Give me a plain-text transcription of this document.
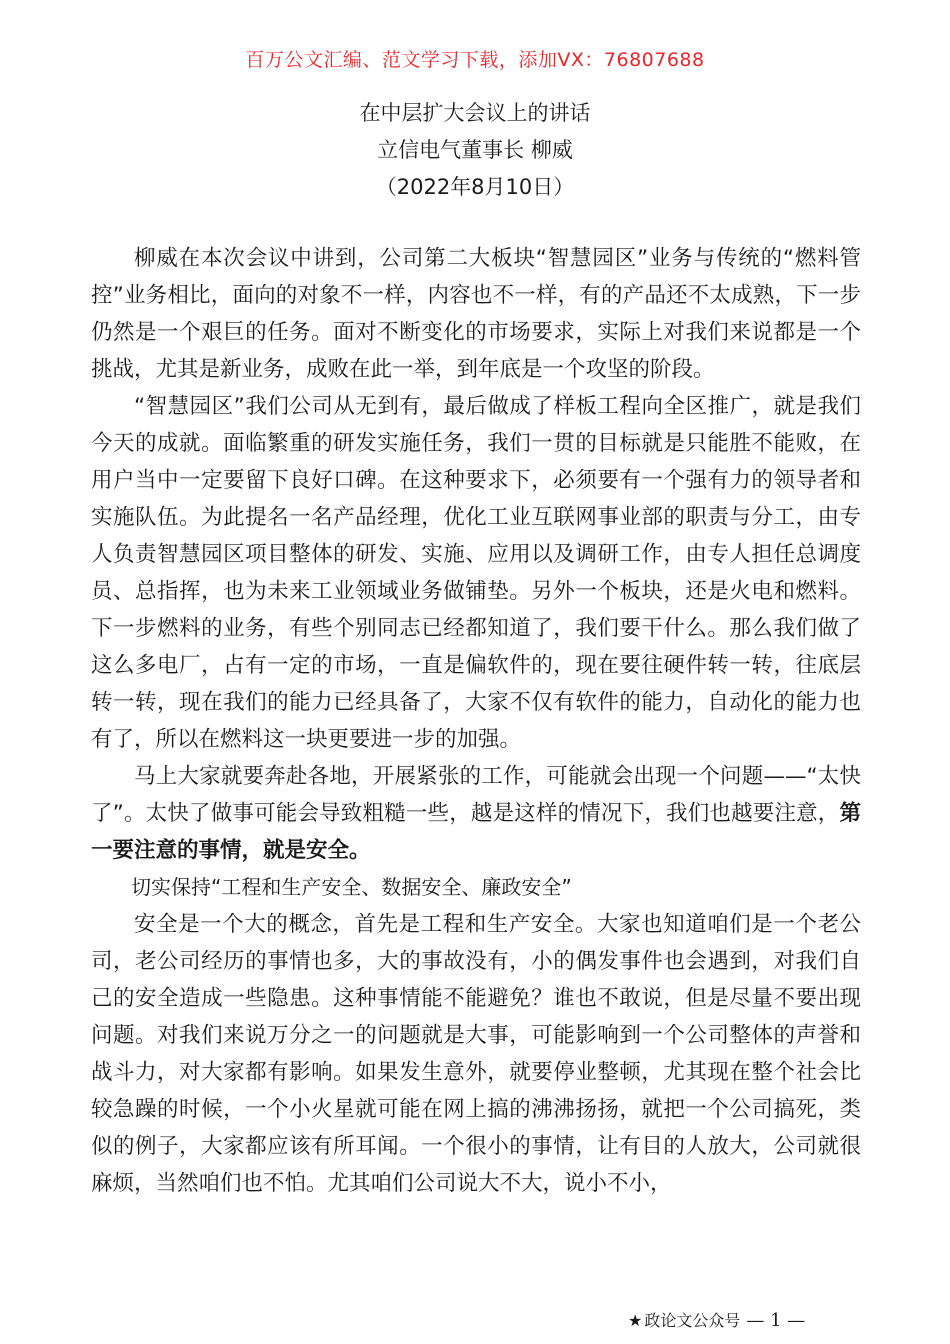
百万公文汇编、范文学习下载，添加VX：76807688
在中层扩大会议上的讲话
立信电气董事长 柳威
（2022年8月10日）

柳威在本次会议中讲到，公司第二大板块“智慧园区”业务与传统的“燃料管控”业务相比，面向的对象不一样，内容也不一样，有的产品还不太成熟，下一步仍然是一个艰巨的任务。面对不断变化的市场要求，实际上对我们来说都是一个挑战，尤其是新业务，成败在此一举，到年底是一个攻坚的阶段。

“智慧园区”我们公司从无到有，最后做成了样板工程向全区推广，就是我们今天的成就。面临繁重的研发实施任务，我们一贯的目标就是只能胜不能败，在用户当中一定要留下良好口碑。在这种要求下，必须要有一个强有力的领导者和实施队伍。为此提名一名产品经理，优化工业互联网事业部的职责与分工，由专人负责智慧园区项目整体的研发、实施、应用以及调研工作，由专人担任总调度员、总指挥，也为未来工业领域业务做铺垫。另外一个板块，还是火电和燃料。下一步燃料的业务，有些个别同志已经都知道了，我们要干什么。那么我们做了这么多电厂，占有一定的市场，一直是偏软件的，现在要往硬件转一转，往底层转一转，现在我们的能力已经具备了，大家不仅有软件的能力，自动化的能力也有了，所以在燃料这一块更要进一步的加强。

马上大家就要奔赴各地，开展紧张的工作，可能就会出现一个问题——“太快了”。太快了做事可能会导致粗糙一些，越是这样的情况下，我们也越要注意，第一要注意的事情，就是安全。

切实保持“工程和生产安全、数据安全、廉政安全”

安全是一个大的概念，首先是工程和生产安全。大家也知道咱们是一个老公司，老公司经历的事情也多，大的事故没有，小的偶发事件也会遇到，对我们自己的安全造成一些隐患。这种事情能不能避免？谁也不敢说，但是尽量不要出现问题。对我们来说万分之一的问题就是大事，可能影响到一个公司整体的声誉和战斗力，对大家都有影响。如果发生意外，就要停业整顿，尤其现在整个社会比较急躁的时候，一个小火星就可能在网上搞的沸沸扬扬，就把一个公司搞死，类似的例子，大家都应该有所耳闻。一个很小的事情，让有目的人放大，公司就很麻烦，当然咱们也不怕。尤其咱们公司说大不大，说小不小，

★ 政论文公众号 — 1 —
